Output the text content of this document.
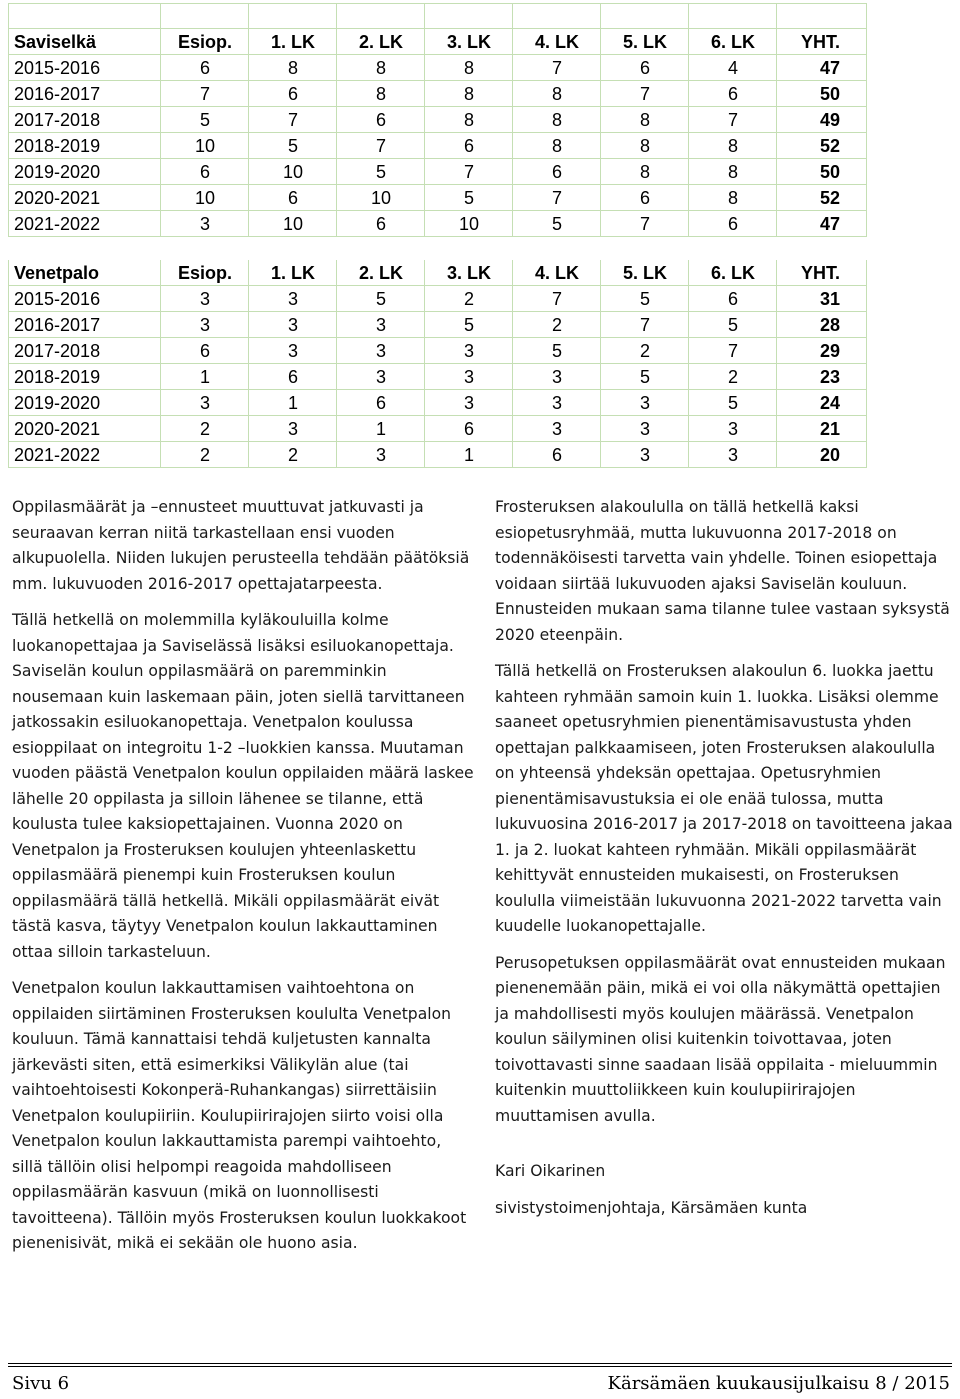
Saviselkä	Esiop.	1. LK	2. LK	3. LK	4. LK	5. LK	6. LK	YHT.
2015-2016	6	8	8	8	7	6	4	47
2016-2017	7	6	8	8	8	7	6	50
2017-2018	5	7	6	8	8	8	7	49
2018-2019	10	5	7	6	8	8	8	52
2019-2020	6	10	5	7	6	8	8	50
2020-2021	10	6	10	5	7	6	8	52
2021-2022	3	10	6	10	5	7	6	47
Venetpalo	Esiop.	1. LK	2. LK	3. LK	4. LK	5. LK	6. LK	YHT.
2015-2016	3	3	5	2	7	5	6	31
2016-2017	3	3	3	5	2	7	5	28
2017-2018	6	3	3	3	5	2	7	29
2018-2019	1	6	3	3	3	5	2	23
2019-2020	3	1	6	3	3	3	5	24
2020-2021	2	3	1	6	3	3	3	21
2021-2022	2	2	3	1	6	3	3	20

Oppilasmäärät ja –ennusteet muuttuvat jatkuvasti ja seuraavan kerran niitä tarkastellaan ensi vuoden alkupuolella. Niiden lukujen perusteella tehdään päätöksiä mm. lukuvuoden 2016-2017 opettajatarpeesta.

Tällä hetkellä on molemmilla kyläkouluilla kolme luokanopettajaa ja Saviselässä lisäksi esiluokanopettaja. Saviselän koulun oppilasmäärä on paremminkin nousemaan kuin laskemaan päin, joten siellä tarvittaneen jatkossakin esiluokanopettaja. Venetpalon koulussa esioppilaat on integroitu 1-2 –luokkien kanssa. Muutaman vuoden päästä Venetpalon koulun oppilaiden määrä laskee lähelle 20 oppilasta ja silloin lähenee se tilanne, että koulusta tulee kaksiopettajainen. Vuonna 2020 on Venetpalon ja Frosteruksen koulujen yhteenlaskettu oppilasmäärä pienempi kuin Frosteruksen koulun oppilasmäärä tällä hetkellä. Mikäli oppilasmäärät eivät tästä kasva, täytyy Venetpalon koulun lakkauttaminen ottaa silloin tarkasteluun.

Venetpalon koulun lakkauttamisen vaihtoehtona on oppilaiden siirtäminen Frosteruksen koululta Venetpalon kouluun. Tämä kannattaisi tehdä kuljetusten kannalta järkevästi siten, että esimerkiksi Välikylän alue (tai vaihtoehtoisesti Kokonperä-Ruhankangas) siirrettäisiin Venetpalon koulupiiriin. Koulupiirirajojen siirto voisi olla Venetpalon koulun lakkauttamista parempi vaihtoehto, sillä tällöin olisi helpompi reagoida mahdolliseen oppilasmäärän kasvuun (mikä on luonnollisesti tavoitteena). Tällöin myös Frosteruksen koulun luokkakoot pienenisivät, mikä ei sekään ole huono asia.

Frosteruksen alakoululla on tällä hetkellä kaksi esiopetusryhmää, mutta lukuvuonna 2017-2018 on todennäköisesti tarvetta vain yhdelle. Toinen esiopettaja voidaan siirtää lukuvuoden ajaksi Saviselän kouluun. Ennusteiden mukaan sama tilanne tulee vastaan syksystä 2020 eteenpäin.

Tällä hetkellä on Frosteruksen alakoulun 6. luokka jaettu kahteen ryhmään samoin kuin 1. luokka. Lisäksi olemme saaneet opetusryhmien pienentämisavustusta yhden opettajan palkkaamiseen, joten Frosteruksen alakoululla on yhteensä yhdeksän opettajaa. Opetusryhmien pienentämisavustuksia ei ole enää tulossa, mutta lukuvuosina 2016-2017 ja 2017-2018 on tavoitteena jakaa 1. ja 2. luokat kahteen ryhmään. Mikäli oppilasmäärät kehittyvät ennusteiden mukaisesti, on Frosteruksen koululla viimeistään lukuvuonna 2021-2022 tarvetta vain kuudelle luokanopettajalle.

Perusopetuksen oppilasmäärät ovat ennusteiden mukaan pienenemään päin, mikä ei voi olla näkymättä opettajien ja mahdollisesti myös koulujen määrässä. Venetpalon koulun säilyminen olisi kuitenkin toivottavaa, joten toivottavasti sinne saadaan lisää oppilaita - mieluummin kuitenkin muuttoliikkeen kuin koulupiirirajojen muuttamisen avulla.

Kari Oikarinen

sivistystoimenjohtaja, Kärsämäen kunta

Sivu 6	Kärsämäen kuukausijulkaisu 8 / 2015
